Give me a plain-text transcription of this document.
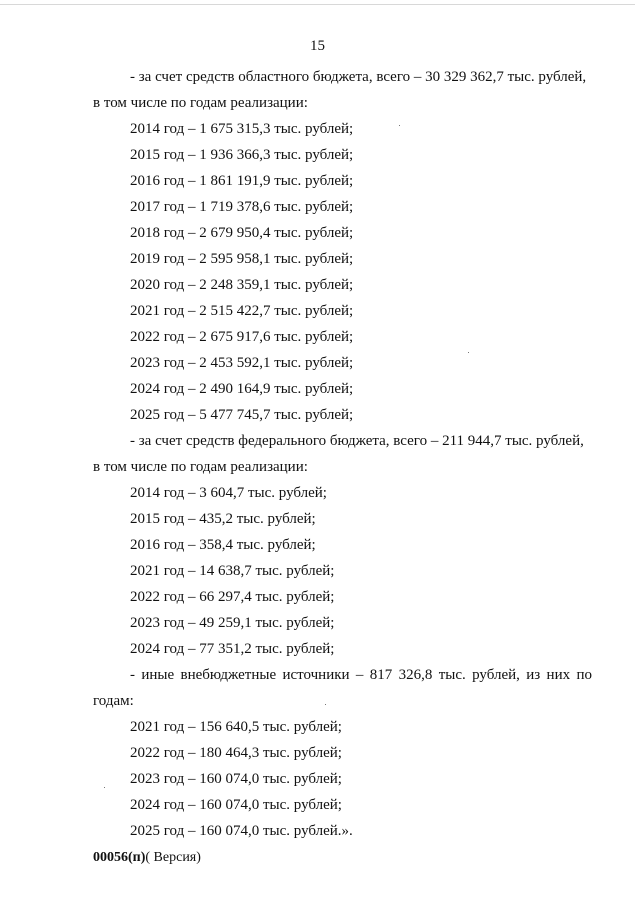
15
- за счет средств областного бюджета, всего – 30 329 362,7 тыс. рублей,
в том числе по годам реализации:
2014 год – 1 675 315,3 тыс. рублей;
2015 год – 1 936 366,3 тыс. рублей;
2016 год – 1 861 191,9 тыс. рублей;
2017 год – 1 719 378,6 тыс. рублей;
2018 год – 2 679 950,4 тыс. рублей;
2019 год – 2 595 958,1 тыс. рублей;
2020 год – 2 248 359,1 тыс. рублей;
2021 год – 2 515 422,7 тыс. рублей;
2022 год – 2 675 917,6 тыс. рублей;
2023 год – 2 453 592,1 тыс. рублей;
2024 год – 2 490 164,9 тыс. рублей;
2025 год – 5 477 745,7 тыс. рублей;
- за счет средств федерального бюджета, всего – 211 944,7 тыс. рублей,
в том числе по годам реализации:
2014 год – 3 604,7 тыс. рублей;
2015 год – 435,2 тыс. рублей;
2016 год – 358,4 тыс. рублей;
2021 год – 14 638,7 тыс. рублей;
2022 год – 66 297,4 тыс. рублей;
2023 год – 49 259,1 тыс. рублей;
2024 год – 77 351,2 тыс. рублей;
- иные внебюджетные источники – 817 326,8 тыс. рублей, из них по
годам:
2021 год – 156 640,5 тыс. рублей;
2022 год – 180 464,3 тыс. рублей;
2023 год – 160 074,0 тыс. рублей;
2024 год – 160 074,0 тыс. рублей;
2025 год – 160 074,0 тыс. рублей.».
00056(п)( Версия)
